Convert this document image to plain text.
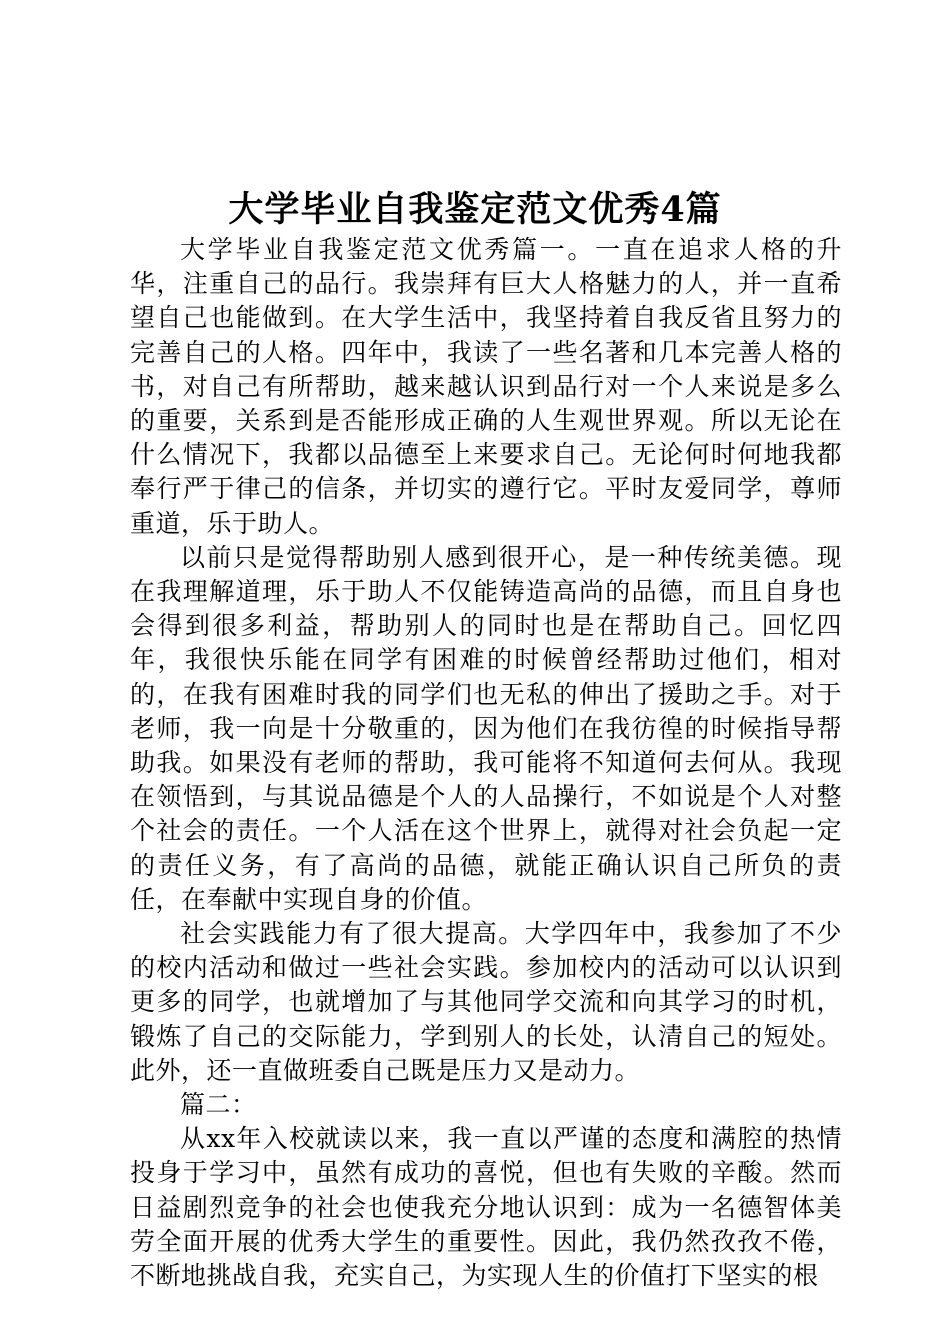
大学毕业自我鉴定范文优秀4篇

大学毕业自我鉴定范文优秀篇一。一直在追求人格的升华，注重自己的品行。我崇拜有巨大人格魅力的人，并一直希望自己也能做到。在大学生活中，我坚持着自我反省且努力的完善自己的人格。四年中，我读了一些名著和几本完善人格的书，对自己有所帮助，越来越认识到品行对一个人来说是多么的重要，关系到是否能形成正确的人生观世界观。所以无论在什么情况下，我都以品德至上来要求自己。无论何时何地我都奉行严于律己的信条，并切实的遵行它。平时友爱同学，尊师重道，乐于助人。

以前只是觉得帮助别人感到很开心，是一种传统美德。现在我理解道理，乐于助人不仅能铸造高尚的品德，而且自身也会得到很多利益，帮助别人的同时也是在帮助自己。回忆四年，我很快乐能在同学有困难的时候曾经帮助过他们，相对的，在我有困难时我的同学们也无私的伸出了援助之手。对于老师，我一向是十分敬重的，因为他们在我彷徨的时候指导帮助我。如果没有老师的帮助，我可能将不知道何去何从。我现在领悟到，与其说品德是个人的人品操行，不如说是个人对整个社会的责任。一个人活在这个世界上，就得对社会负起一定的责任义务，有了高尚的品德，就能正确认识自己所负的责任，在奉献中实现自身的价值。

社会实践能力有了很大提高。大学四年中，我参加了不少的校内活动和做过一些社会实践。参加校内的活动可以认识到更多的同学，也就增加了与其他同学交流和向其学习的时机，锻炼了自己的交际能力，学到别人的长处，认清自己的短处。此外，还一直做班委自己既是压力又是动力。

篇二：

从xx年入校就读以来，我一直以严谨的态度和满腔的热情投身于学习中，虽然有成功的喜悦，但也有失败的辛酸。然而日益剧烈竞争的社会也使我充分地认识到：成为一名德智体美劳全面开展的优秀大学生的重要性。因此，我仍然孜孜不倦，不断地挑战自我，充实自己，为实现人生的价值打下坚实的根
